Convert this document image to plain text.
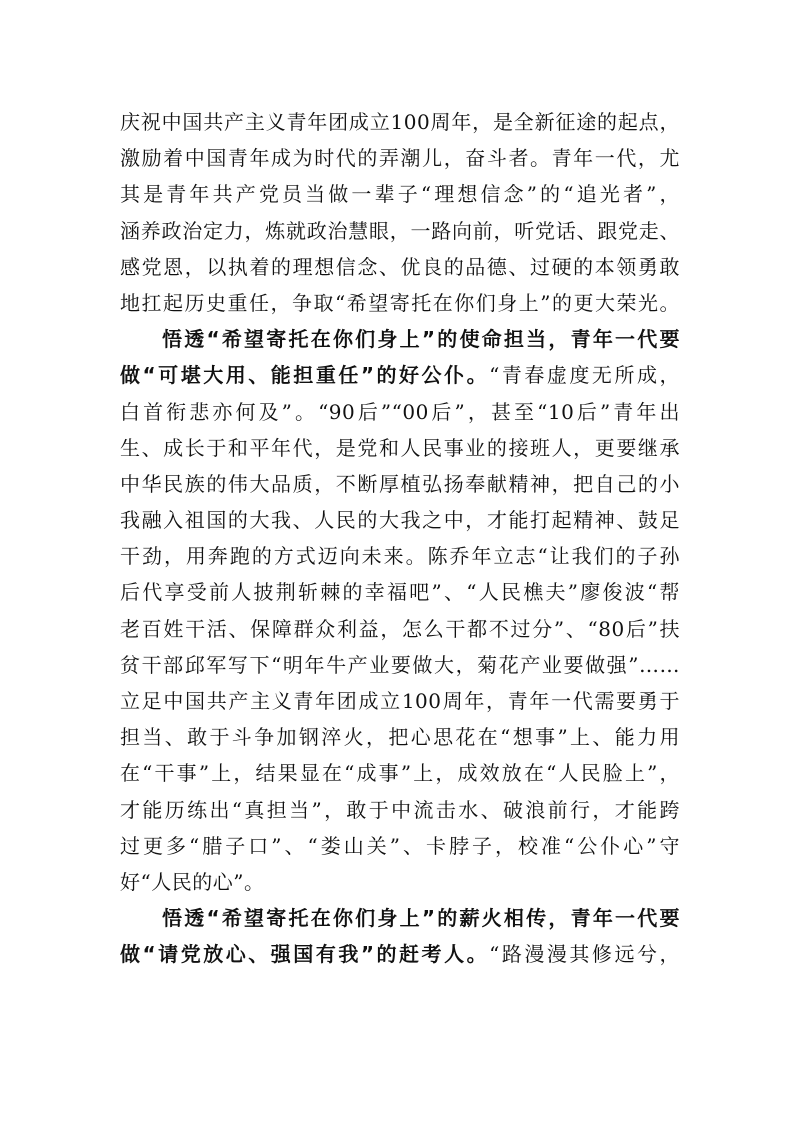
庆祝中国共产主义青年团成立100周年，是全新征途的起点，
激励着中国青年成为时代的弄潮儿，奋斗者。青年一代，尤
其是青年共产党员当做一辈子“理想信念”的“追光者”，
涵养政治定力，炼就政治慧眼，一路向前，听党话、跟党走、
感党恩，以执着的理想信念、优良的品德、过硬的本领勇敢
地扛起历史重任，争取“希望寄托在你们身上”的更大荣光。
悟透“希望寄托在你们身上”的使命担当，青年一代要
做“可堪大用、能担重任”的好公仆。“青春虚度无所成，
白首衔悲亦何及”。“90后”“00后”，甚至“10后”青年出
生、成长于和平年代，是党和人民事业的接班人，更要继承
中华民族的伟大品质，不断厚植弘扬奉献精神，把自己的小
我融入祖国的大我、人民的大我之中，才能打起精神、鼓足
干劲，用奔跑的方式迈向未来。陈乔年立志“让我们的子孙
后代享受前人披荆斩棘的幸福吧”、“人民樵夫”廖俊波“帮
老百姓干活、保障群众利益，怎么干都不过分”、“80后”扶
贫干部邱军写下“明年牛产业要做大，菊花产业要做强”……
立足中国共产主义青年团成立100周年，青年一代需要勇于
担当、敢于斗争加钢淬火，把心思花在“想事”上、能力用
在“干事”上，结果显在“成事”上，成效放在“人民脸上”，
才能历练出“真担当”，敢于中流击水、破浪前行，才能跨
过更多“腊子口”、“娄山关”、卡脖子，校准“公仆心”守
好“人民的心”。
悟透“希望寄托在你们身上”的薪火相传，青年一代要
做“请党放心、强国有我”的赶考人。“路漫漫其修远兮，
